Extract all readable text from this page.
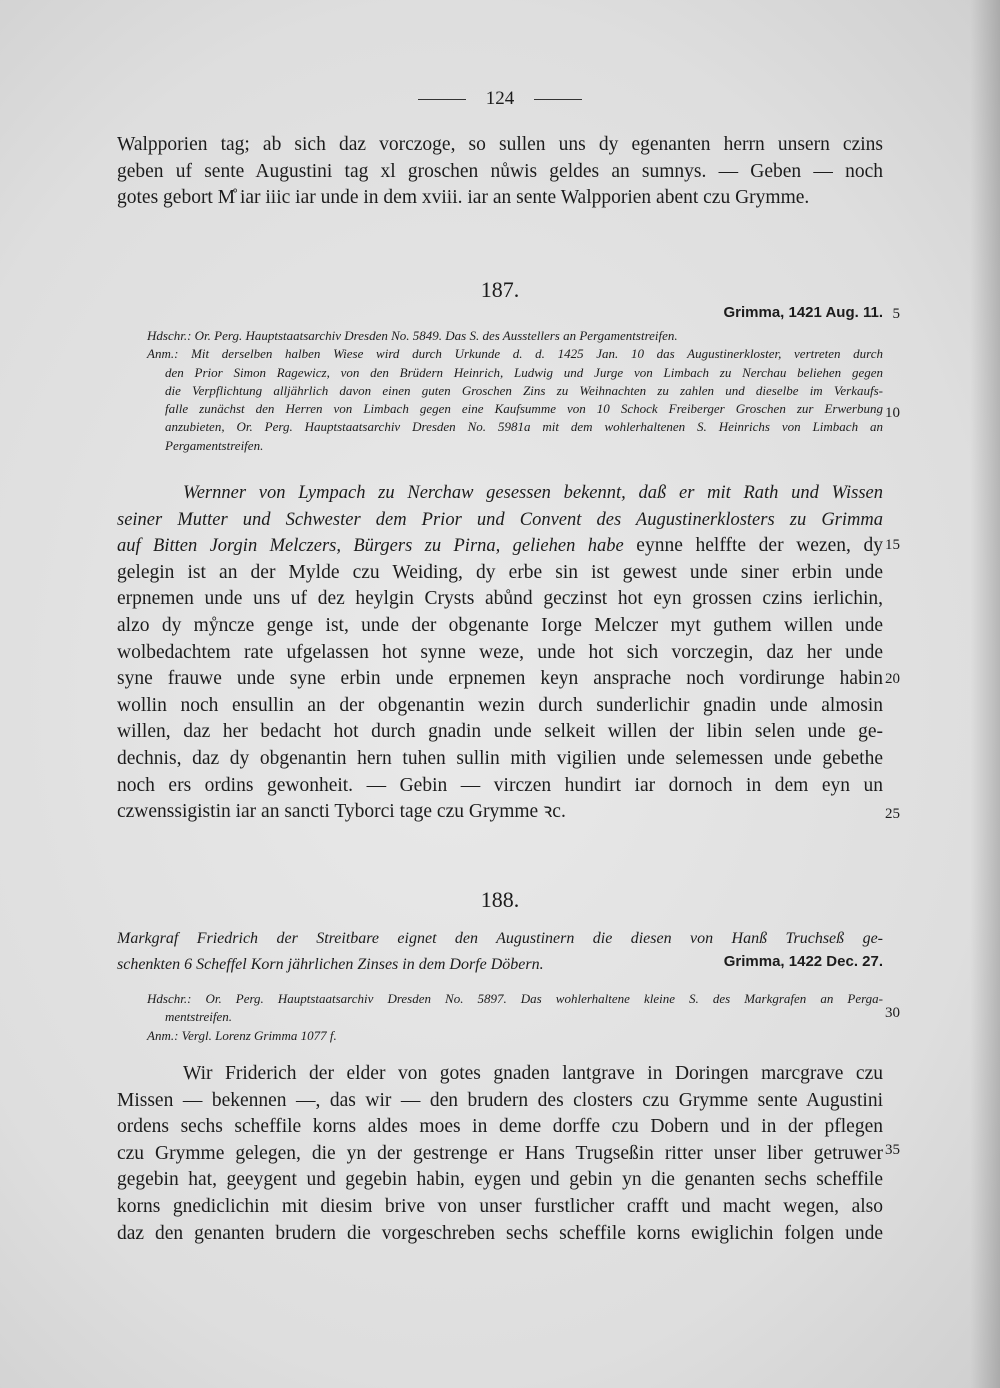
124
Walpporien tag; ab sich daz vorczoge, so sullen uns dy egenanten herrn unsern czins
geben uf sente Augustini tag xl groschen nůwis geldes an sumnys. — Geben — noch
gotes gebort M̊ iar iiic iar unde in dem xviii. iar an sente Walpporien abent czu Grymme.
187.
Grimma, 1421 Aug. 11.
Hdschr.: Or. Perg. Hauptstaatsarchiv Dresden No. 5849. Das S. des Ausstellers an Pergamentstreifen.
Anm.: Mit derselben halben Wiese wird durch Urkunde d. d. 1425 Jan. 10 das Augustinerkloster, vertreten durch
den Prior Simon Ragewicz, von den Brüdern Heinrich, Ludwig und Jurge von Limbach zu Nerchau beliehen gegen
die Verpflichtung alljährlich davon einen guten Groschen Zins zu Weihnachten zu zahlen und dieselbe im Verkaufs-
falle zunächst den Herren von Limbach gegen eine Kaufsumme von 10 Schock Freiberger Groschen zur Erwerbung
anzubieten, Or. Perg. Hauptstaatsarchiv Dresden No. 5981a mit dem wohlerhaltenen S. Heinrichs von Limbach an
Pergamentstreifen.
Wernner von Lympach zu Nerchaw gesessen bekennt, daß er mit Rath und Wissen
seiner Mutter und Schwester dem Prior und Convent des Augustinerklosters zu Grimma
auf Bitten Jorgin Melczers, Bürgers zu Pirna, geliehen habe eynne helffte der wezen, dy
gelegin ist an der Mylde czu Weiding, dy erbe sin ist gewest unde siner erbin unde
erpnemen unde uns uf dez heylgin Crysts abůnd geczinst hot eyn grossen czins ierlichin,
alzo dy mẙncze genge ist, unde der obgenante Iorge Melczer myt guthem willen unde
wolbedachtem rate ufgelassen hot synne weze, unde hot sich vorczegin, daz her unde
syne frauwe unde syne erbin unde erpnemen keyn ansprache noch vordirunge habin
wollin noch ensullin an der obgenantin wezin durch sunderlichir gnadin unde almosin
willen, daz her bedacht hot durch gnadin unde selkeit willen der libin selen unde ge-
dechnis, daz dy obgenantin hern tuhen sullin mith vigilien unde selemessen unde gebethe
noch ers ordins gewonheit. — Gebin — virczen hundirt iar dornoch in dem eyn un
czwenssigistin iar an sancti Tyborci tage czu Grymme ꝛc.
188.
Markgraf Friedrich der Streitbare eignet den Augustinern die diesen von Hanß Truchseß ge-
schenkten 6 Scheffel Korn jährlichen Zinses in dem Dorfe Döbern.	Grimma, 1422 Dec. 27.
Hdschr.: Or. Perg. Hauptstaatsarchiv Dresden No. 5897. Das wohlerhaltene kleine S. des Markgrafen an Perga-
mentstreifen.
Anm.: Vergl. Lorenz Grimma 1077 f.
Wir Friderich der elder von gotes gnaden lantgrave in Doringen marcgrave czu
Missen — bekennen —, das wir — den brudern des closters czu Grymme sente Augustini
ordens sechs scheffile korns aldes moes in deme dorffe czu Dobern und in der pflegen
czu Grymme gelegen, die yn der gestrenge er Hans Trugseßin ritter unser liber getruwer
gegebin hat, geeygent und gegebin habin, eygen und gebin yn die genanten sechs scheffile
korns gnediclichin mit diesim brive von unser furstlicher crafft und macht wegen, also
daz den genanten brudern die vorgeschreben sechs scheffile korns ewiglichin folgen unde
5
10
15
20
25
30
35
